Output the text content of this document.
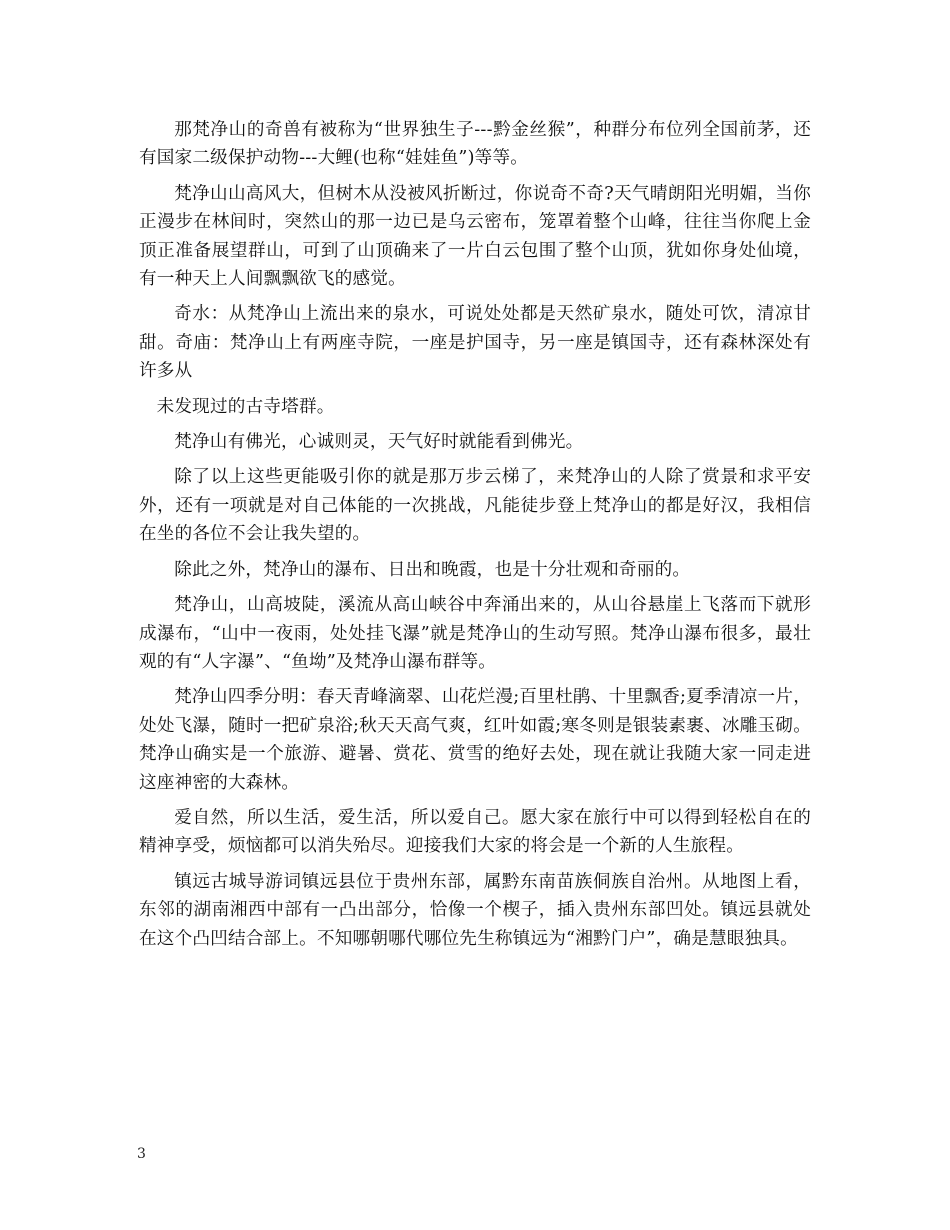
那梵净山的奇兽有被称为“世界独生子---黔金丝猴”，种群分布位列全国前茅，还有国家二级保护动物---大鲤(也称“娃娃鱼”)等等。

梵净山山高风大，但树木从没被风折断过，你说奇不奇?天气晴朗阳光明媚，当你正漫步在林间时，突然山的那一边已是乌云密布，笼罩着整个山峰，往往当你爬上金顶正准备展望群山，可到了山顶确来了一片白云包围了整个山顶，犹如你身处仙境，有一种天上人间飘飘欲飞的感觉。

奇水：从梵净山上流出来的泉水，可说处处都是天然矿泉水，随处可饮，清凉甘甜。奇庙：梵净山上有两座寺院，一座是护国寺，另一座是镇国寺，还有森林深处有许多从

未发现过的古寺塔群。

梵净山有佛光，心诚则灵，天气好时就能看到佛光。

除了以上这些更能吸引你的就是那万步云梯了，来梵净山的人除了赏景和求平安外，还有一项就是对自己体能的一次挑战，凡能徒步登上梵净山的都是好汉，我相信在坐的各位不会让我失望的。

除此之外，梵净山的瀑布、日出和晚霞，也是十分壮观和奇丽的。

梵净山，山高坡陡，溪流从高山峡谷中奔涌出来的，从山谷悬崖上飞落而下就形成瀑布，“山中一夜雨，处处挂飞瀑”就是梵净山的生动写照。梵净山瀑布很多，最壮观的有“人字瀑”、“鱼坳”及梵净山瀑布群等。

梵净山四季分明：春天青峰滴翠、山花烂漫;百里杜鹃、十里飘香;夏季清凉一片，处处飞瀑，随时一把矿泉浴;秋天天高气爽，红叶如霞;寒冬则是银装素裹、冰雕玉砌。梵净山确实是一个旅游、避暑、赏花、赏雪的绝好去处，现在就让我随大家一同走进这座神密的大森林。

爱自然，所以生活，爱生活，所以爱自己。愿大家在旅行中可以得到轻松自在的精神享受，烦恼都可以消失殆尽。迎接我们大家的将会是一个新的人生旅程。

镇远古城导游词镇远县位于贵州东部，属黔东南苗族侗族自治州。从地图上看，东邻的湖南湘西中部有一凸出部分，恰像一个楔子，插入贵州东部凹处。镇远县就处在这个凸凹结合部上。不知哪朝哪代哪位先生称镇远为“湘黔门户”，确是慧眼独具。

3
